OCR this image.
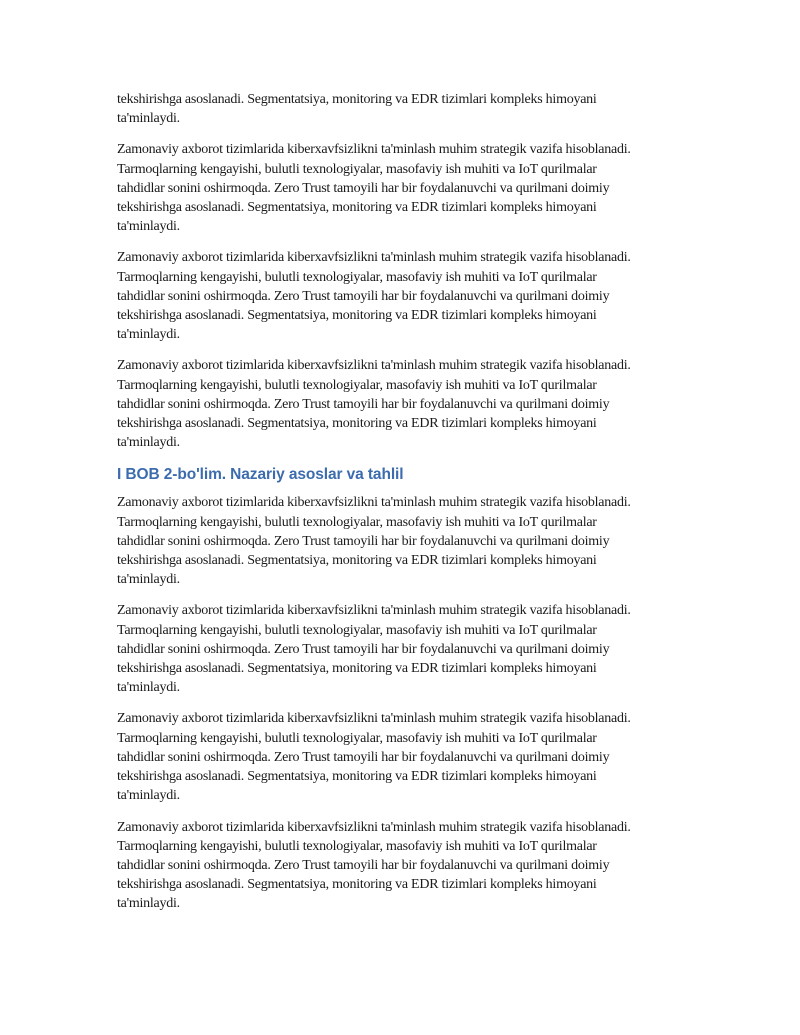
tekshirishga asoslanadi. Segmentatsiya, monitoring va EDR tizimlari kompleks himoyani
ta'minlaydi.

Zamonaviy axborot tizimlarida kiberxavfsizlikni ta'minlash muhim strategik vazifa hisoblanadi.
Tarmoqlarning kengayishi, bulutli texnologiyalar, masofaviy ish muhiti va IoT qurilmalar
tahdidlar sonini oshirmoqda. Zero Trust tamoyili har bir foydalanuvchi va qurilmani doimiy
tekshirishga asoslanadi. Segmentatsiya, monitoring va EDR tizimlari kompleks himoyani
ta'minlaydi.

Zamonaviy axborot tizimlarida kiberxavfsizlikni ta'minlash muhim strategik vazifa hisoblanadi.
Tarmoqlarning kengayishi, bulutli texnologiyalar, masofaviy ish muhiti va IoT qurilmalar
tahdidlar sonini oshirmoqda. Zero Trust tamoyili har bir foydalanuvchi va qurilmani doimiy
tekshirishga asoslanadi. Segmentatsiya, monitoring va EDR tizimlari kompleks himoyani
ta'minlaydi.

Zamonaviy axborot tizimlarida kiberxavfsizlikni ta'minlash muhim strategik vazifa hisoblanadi.
Tarmoqlarning kengayishi, bulutli texnologiyalar, masofaviy ish muhiti va IoT qurilmalar
tahdidlar sonini oshirmoqda. Zero Trust tamoyili har bir foydalanuvchi va qurilmani doimiy
tekshirishga asoslanadi. Segmentatsiya, monitoring va EDR tizimlari kompleks himoyani
ta'minlaydi.

I BOB 2-bo'lim. Nazariy asoslar va tahlil

Zamonaviy axborot tizimlarida kiberxavfsizlikni ta'minlash muhim strategik vazifa hisoblanadi.
Tarmoqlarning kengayishi, bulutli texnologiyalar, masofaviy ish muhiti va IoT qurilmalar
tahdidlar sonini oshirmoqda. Zero Trust tamoyili har bir foydalanuvchi va qurilmani doimiy
tekshirishga asoslanadi. Segmentatsiya, monitoring va EDR tizimlari kompleks himoyani
ta'minlaydi.

Zamonaviy axborot tizimlarida kiberxavfsizlikni ta'minlash muhim strategik vazifa hisoblanadi.
Tarmoqlarning kengayishi, bulutli texnologiyalar, masofaviy ish muhiti va IoT qurilmalar
tahdidlar sonini oshirmoqda. Zero Trust tamoyili har bir foydalanuvchi va qurilmani doimiy
tekshirishga asoslanadi. Segmentatsiya, monitoring va EDR tizimlari kompleks himoyani
ta'minlaydi.

Zamonaviy axborot tizimlarida kiberxavfsizlikni ta'minlash muhim strategik vazifa hisoblanadi.
Tarmoqlarning kengayishi, bulutli texnologiyalar, masofaviy ish muhiti va IoT qurilmalar
tahdidlar sonini oshirmoqda. Zero Trust tamoyili har bir foydalanuvchi va qurilmani doimiy
tekshirishga asoslanadi. Segmentatsiya, monitoring va EDR tizimlari kompleks himoyani
ta'minlaydi.

Zamonaviy axborot tizimlarida kiberxavfsizlikni ta'minlash muhim strategik vazifa hisoblanadi.
Tarmoqlarning kengayishi, bulutli texnologiyalar, masofaviy ish muhiti va IoT qurilmalar
tahdidlar sonini oshirmoqda. Zero Trust tamoyili har bir foydalanuvchi va qurilmani doimiy
tekshirishga asoslanadi. Segmentatsiya, monitoring va EDR tizimlari kompleks himoyani
ta'minlaydi.
